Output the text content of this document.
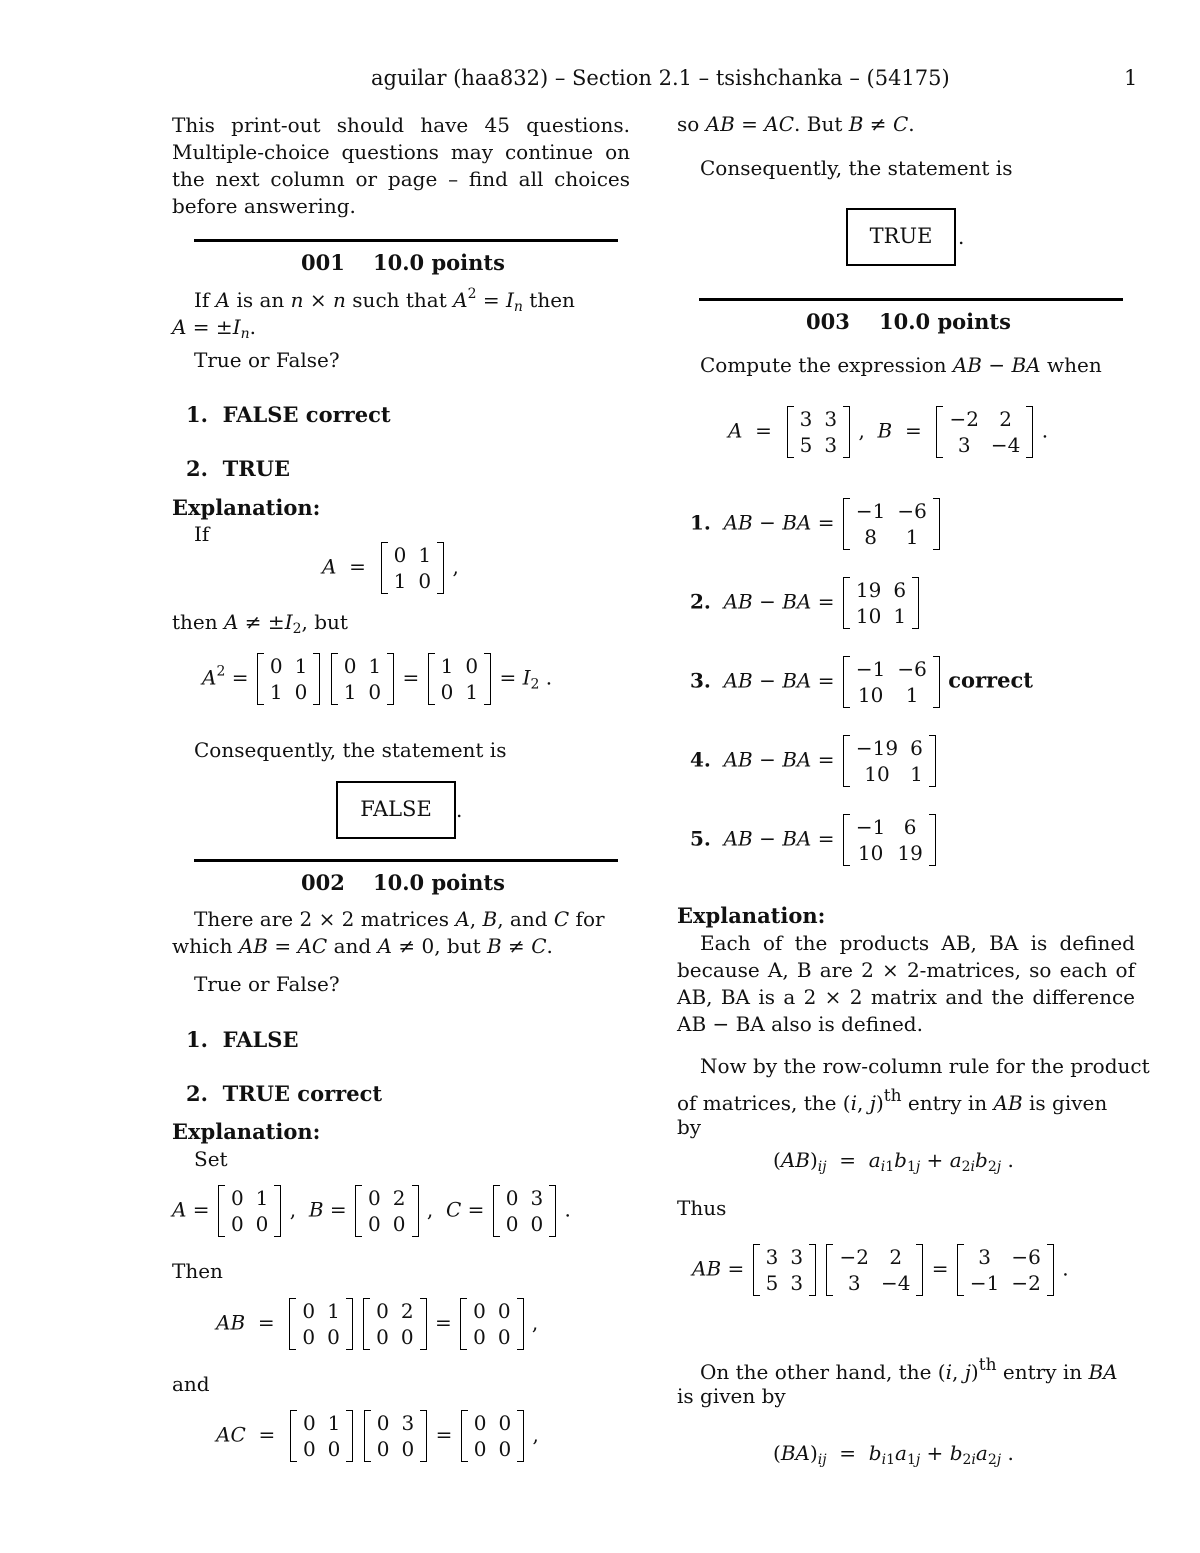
aguilar (haa832) – Section 2.1 – tsishchanka – (54175)	1
This print-out should have 45 questions.
Multiple-choice questions may continue on
the next column or page – find all choices
before answering.
001 10.0 points
If A is an n × n such that $A^2 = I_n$ then
$A = \pm I_n$.
True or False?
1. FALSE correct
2. TRUE
Explanation:
If
A  = 0	1
1	0
,
then $A \ne \pm I_2$, but
$A^2 = 0$	1
1	0

0	1
1	0
= 1	0
0	1
= $I_2$ .
Consequently, the statement is
FALSE	.
002 10.0 points
There are 2 × 2 matrices A, B, and C for
which AB = AC and A ≠ 0, but B ≠ C.
True or False?
1. FALSE
2. TRUE correct
Explanation:
Set
A = 0	1
0	0
,  B = 0	2
0	0
,  C = 0	3
0	0
.
Then
AB  = 0	1
0	0

0	2
0	0
= 0	0
0	0
,
and
AC  = 0	1
0	0

0	3
0	0
= 0	0
0	0
,
so AB = AC. But B ≠ C.
Consequently, the statement is
TRUE	.
003 10.0 points
Compute the expression AB − BA when
A  = 3	3
5	3
,  B  = −2	2
3	−4
.
1. AB − BA = −1	−6
8	1
2. AB − BA = 19	6
10	1
3. AB − BA = −1	−6
10	1
correct
4. AB − BA = −19	6
10	1
5. AB − BA = −1	6
10	19
Explanation:
Each of the products AB, BA is defined
because A, B are 2 × 2-matrices, so each of
AB, BA is a 2 × 2 matrix and the difference
AB − BA also is defined.
Now by the row-column rule for the product
of matrices, the (i, j)$^{th}$ entry in AB is given
by
$(AB)_{ij} = a_{i1}b_{1j} + a_{2i}b_{2j}$ .
Thus
AB = 3	3
5	3

−2	2
3	−4
= 3	−6
−1	−2
.
On the other hand, the (i, j)$^{th}$ entry in BA
is given by
$(BA)_{ij} = b_{i1}a_{1j} + b_{2i}a_{2j}$ .
